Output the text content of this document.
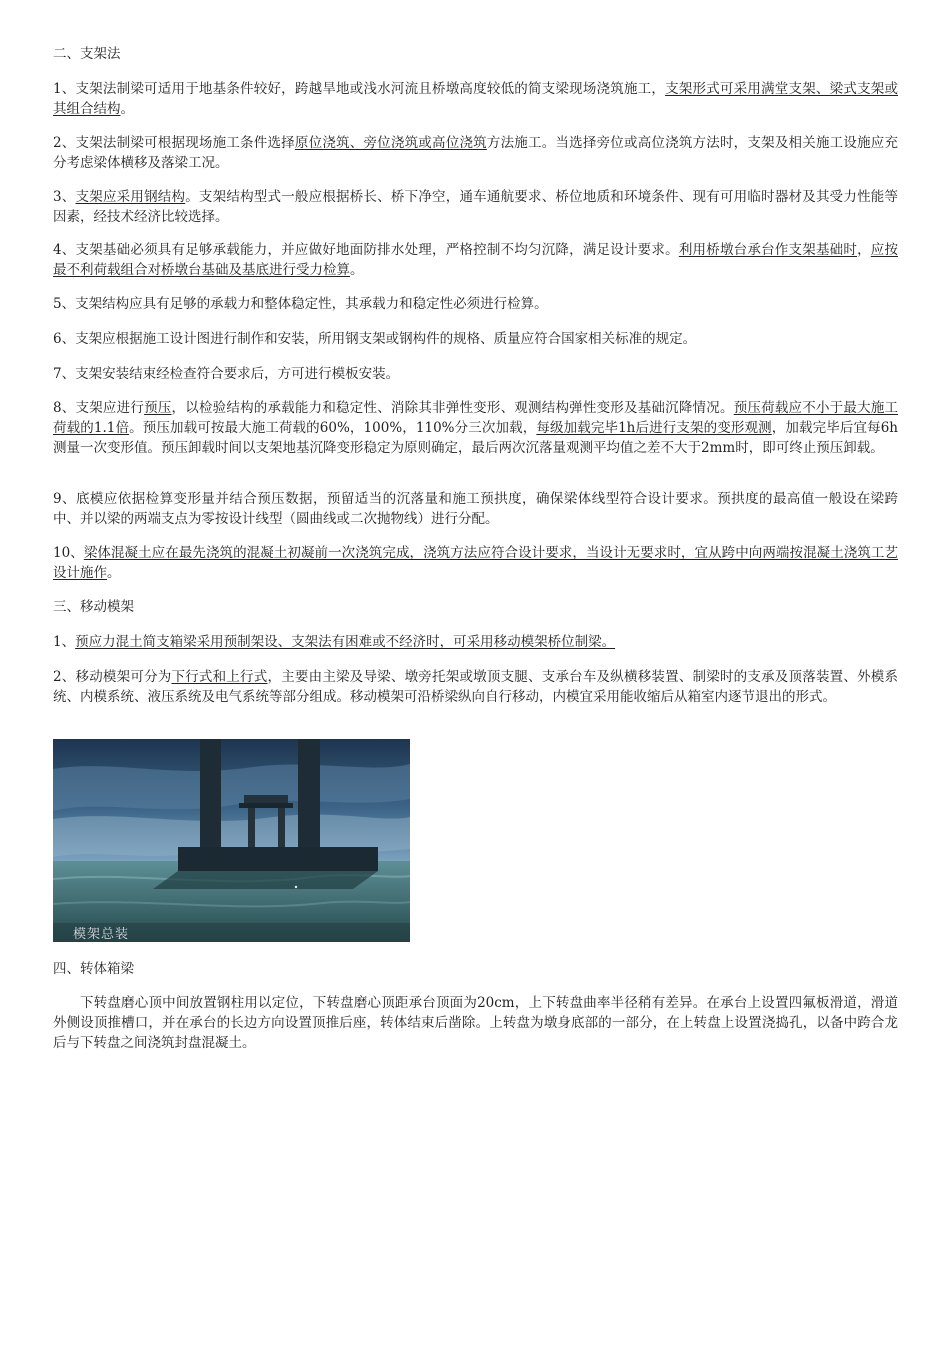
二、支架法
1、支架法制梁可适用于地基条件较好，跨越旱地或浅水河流且桥墩高度较低的简支梁现场浇筑施工，支架形式可采用满堂支架、梁式支架或其组合结构。
2、支架法制梁可根据现场施工条件选择原位浇筑、旁位浇筑或高位浇筑方法施工。当选择旁位或高位浇筑方法时，支架及相关施工设施应充分考虑梁体横移及落梁工况。
3、支架应采用钢结构。支架结构型式一般应根据桥长、桥下净空，通车通航要求、桥位地质和环境条件、现有可用临时器材及其受力性能等因素，经技术经济比较选择。
4、支架基础必须具有足够承载能力，并应做好地面防排水处理，严格控制不均匀沉降，满足设计要求。利用桥墩台承台作支架基础时，应按最不利荷载组合对桥墩台基础及基底进行受力检算。
5、支架结构应具有足够的承载力和整体稳定性，其承载力和稳定性必须进行检算。
6、支架应根据施工设计图进行制作和安装，所用钢支架或钢构件的规格、质量应符合国家相关标准的规定。
7、支架安装结束经检查符合要求后，方可进行模板安装。
8、支架应进行预压，以检验结构的承载能力和稳定性、消除其非弹性变形、观测结构弹性变形及基础沉降情况。预压荷载应不小于最大施工荷载的1.1倍。预压加载可按最大施工荷载的60%，100%，110%分三次加载，每级加载完毕1h后进行支架的变形观测，加载完毕后宜每6h测量一次变形值。预压卸载时间以支架地基沉降变形稳定为原则确定，最后两次沉落量观测平均值之差不大于2mm时，即可终止预压卸载。
9、底模应依据检算变形量并结合预压数据，预留适当的沉落量和施工预拱度，确保梁体线型符合设计要求。预拱度的最高值一般设在梁跨中、并以梁的两端支点为零按设计线型（圆曲线或二次抛物线）进行分配。
10、梁体混凝土应在最先浇筑的混凝土初凝前一次浇筑完成，浇筑方法应符合设计要求，当设计无要求时，宜从跨中向两端按混凝土浇筑工艺设计施作。
三、移动模架
1、预应力混土简支箱梁采用预制架设、支架法有困难或不经济时，可采用移动模架桥位制梁。
2、移动模架可分为下行式和上行式，主要由主梁及导梁、墩旁托架或墩顶支腿、支承台车及纵横移装置、制梁时的支承及顶落装置、外模系统、内模系统、液压系统及电气系统等部分组成。移动模架可沿桥梁纵向自行移动，内模宜采用能收缩后从箱室内逐节退出的形式。
模架总装
四、转体箱梁
下转盘磨心顶中间放置钢柱用以定位，下转盘磨心顶距承台顶面为20cm，上下转盘曲率半径稍有差异。在承台上设置四氟板滑道，滑道外侧设顶推槽口，并在承台的长边方向设置顶推后座，转体结束后凿除。上转盘为墩身底部的一部分，在上转盘上设置浇捣孔，以备中跨合龙后与下转盘之间浇筑封盘混凝土。
